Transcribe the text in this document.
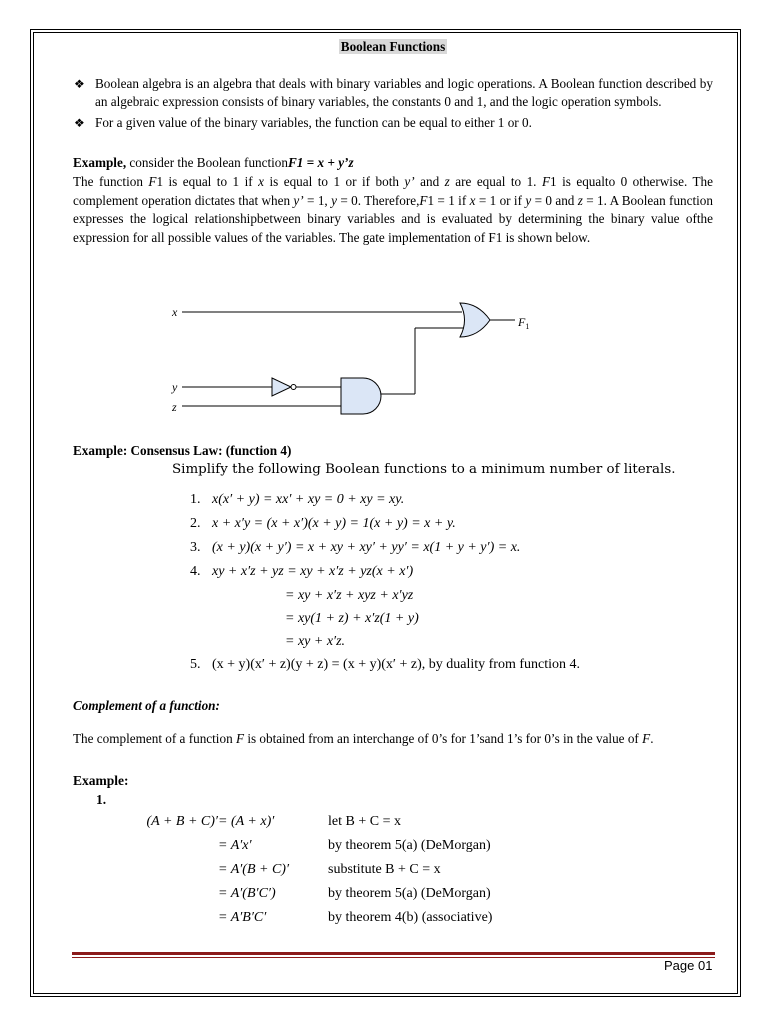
Boolean Functions
❖ Boolean algebra is an algebra that deals with binary variables and logic operations. A Boolean function described by an algebraic expression consists of binary variables, the constants 0 and 1, and the logic operation symbols.
❖ For a given value of the binary variables, the function can be equal to either 1 or 0.

Example, consider the Boolean functionF1 = x + y’z

The function F1 is equal to 1 if x is equal to 1 or if both y’ and z are equal to 1. F1 is equalto 0 otherwise. The complement operation dictates that when y’ = 1, y = 0. Therefore,F1 = 1 if x = 1 or if y = 0 and z = 1. A Boolean function expresses the logical relationshipbetween binary variables and is evaluated by determining the binary value ofthe expression for all possible values of the variables. The gate implementation of F1 is shown below.

x
$F_1$
y
z
Example: Consensus Law: (function 4)
Simplify the following Boolean functions to a minimum number of literals.
1. x(x′ + y) = xx′ + xy = 0 + xy = xy.
2. x + x′y = (x + x′)(x + y) = 1(x + y) = x + y.
3. (x + y)(x + y′) = x + xy + xy′ + yy′ = x(1 + y + y′) = x.
4. xy + x′z + yz = xy + x′z + yz(x + x′)
= xy + x′z + xyz + x′yz
= xy(1 + z) + x′z(1 + y)
= xy + x′z.
5. (x + y)(x′ + z)(y + z) = (x + y)(x′ + z), by duality from function 4.
Complement of a function:
The complement of a function F is obtained from an interchange of 0’s for 1’sand 1’s for 0’s in the value of F.
Example:
1.
(A + B + C)′	= (A + x)′	let B + C = x
	= A′x′	by theorem 5(a) (DeMorgan)
	= A′(B + C)′	substitute B + C = x
	= A′(B′C′)	by theorem 5(a) (DeMorgan)
	= A′B′C′	by theorem 4(b) (associative)
Page 01
